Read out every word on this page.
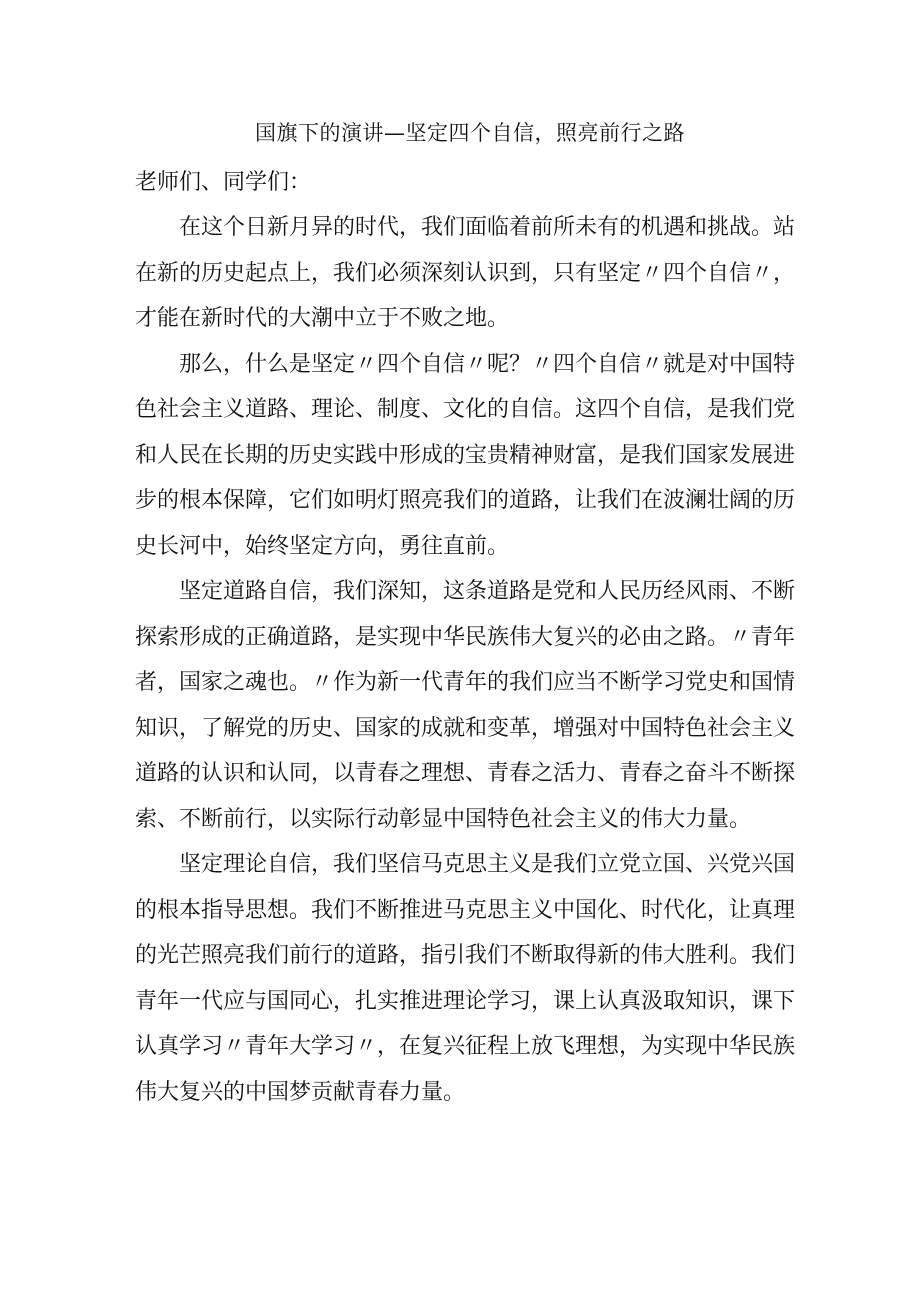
国旗下的演讲—坚定四个自信，照亮前行之路
老师们、同学们：

在这个日新月异的时代，我们面临着前所未有的机遇和挑战。站在新的历史起点上，我们必须深刻认识到，只有坚定〃四个自信〃，才能在新时代的大潮中立于不败之地。

那么，什么是坚定〃四个自信〃呢？〃四个自信〃就是对中国特色社会主义道路、理论、制度、文化的自信。这四个自信，是我们党和人民在长期的历史实践中形成的宝贵精神财富，是我们国家发展进步的根本保障，它们如明灯照亮我们的道路，让我们在波澜壮阔的历史长河中，始终坚定方向，勇往直前。

坚定道路自信，我们深知，这条道路是党和人民历经风雨、不断探索形成的正确道路，是实现中华民族伟大复兴的必由之路。〃青年者，国家之魂也。〃作为新一代青年的我们应当不断学习党史和国情知识，了解党的历史、国家的成就和变革，增强对中国特色社会主义道路的认识和认同，以青春之理想、青春之活力、青春之奋斗不断探索、不断前行，以实际行动彰显中国特色社会主义的伟大力量。

坚定理论自信，我们坚信马克思主义是我们立党立国、兴党兴国的根本指导思想。我们不断推进马克思主义中国化、时代化，让真理的光芒照亮我们前行的道路，指引我们不断取得新的伟大胜利。我们青年一代应与国同心，扎实推进理论学习，课上认真汲取知识，课下认真学习〃青年大学习〃，在复兴征程上放飞理想，为实现中华民族伟大复兴的中国梦贡献青春力量。
